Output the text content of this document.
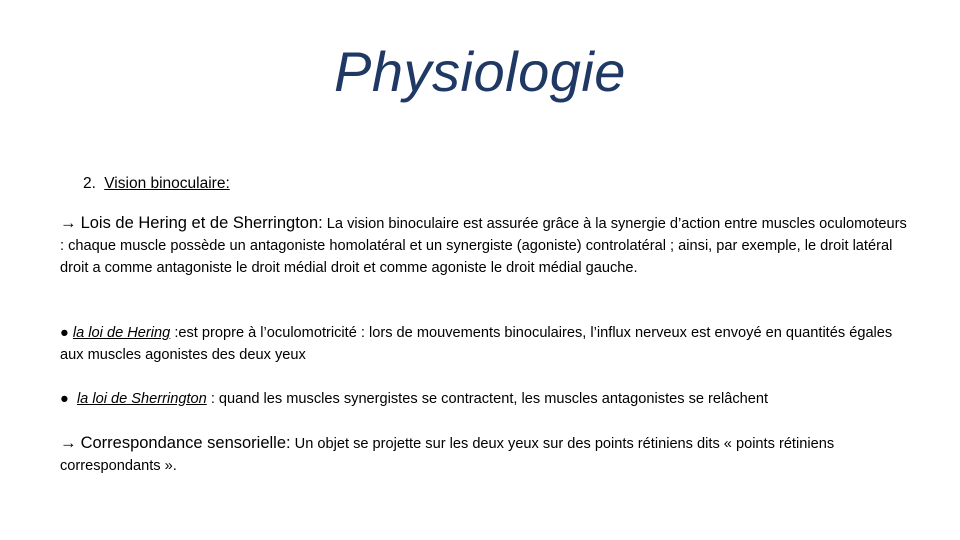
Physiologie
2. Vision binoculaire:
→ Lois de Hering et de Sherrington: La vision binoculaire est assurée grâce à la synergie d’action entre muscles oculomoteurs : chaque muscle possède un antagoniste homolatéral et un synergiste (agoniste) controlatéral ; ainsi, par exemple, le droit latéral droit a comme antagoniste le droit médial droit et comme agoniste le droit médial gauche.
● la loi de Hering :est propre à l’oculomotricité : lors de mouvements binoculaires, l’influx nerveux est envoyé en quantités égales aux muscles agonistes des deux yeux
● la loi de Sherrington : quand les muscles synergistes se contractent, les muscles antagonistes se relâchent
→ Correspondance sensorielle: Un objet se projette sur les deux yeux sur des points rétiniens dits « points rétiniens correspondants ».
